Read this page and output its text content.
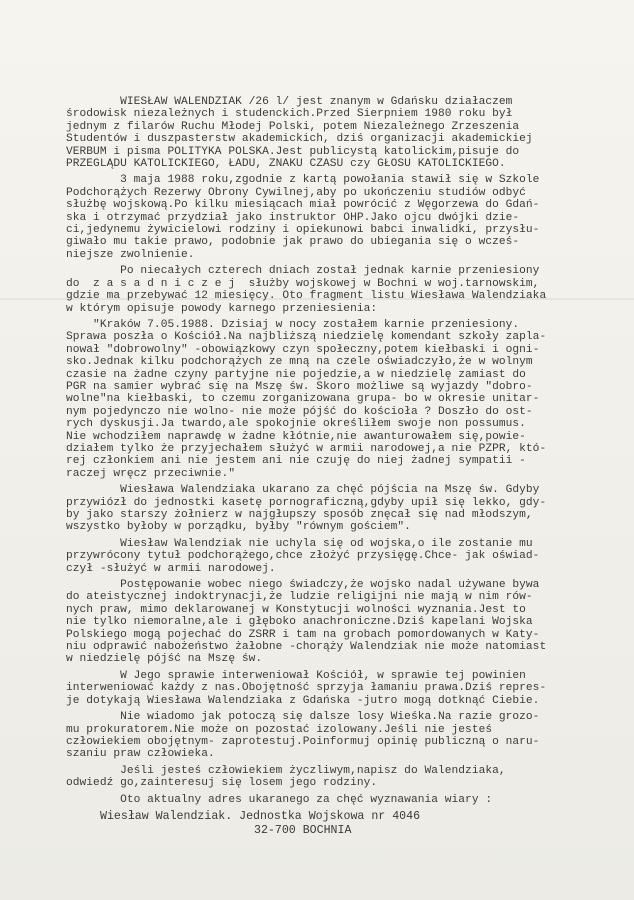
WIESŁAW WALENDZIAK /26 l/ jest znanym w Gdańsku działaczem
środowisk niezależnych i studenckich.Przed Sierpniem 1980 roku był
jednym z filarów Ruchu Młodej Polski, potem Niezależnego Zrzeszenia
Studentów i duszpasterstw akademickich, dziś organizacji akademickiej
VERBUM i pisma POLITYKA POLSKA.Jest publicystą katolickim,pisuje do
PRZEGLĄDU KATOLICKIEGO, ŁADU, ZNAKU CZASU czy GŁOSU KATOLICKIEGO.
3 maja 1988 roku,zgodnie z kartą powołania stawił się w Szkole
Podchorążych Rezerwy Obrony Cywilnej,aby po ukończeniu studiów odbyć
służbę wojskową.Po kilku miesiącach miał powrócić z Węgorzewa do Gdań-
ska i otrzymać przydział jako instruktor OHP.Jako ojcu dwójki dzie-
ci,jedynemu żywicielowi rodziny i opiekunowi babci inwalidki, przysłu-
giwało mu takie prawo, podobnie jak prawo do ubiegania się o wcześ-
niejsze zwolnienie.
Po niecałych czterech dniach został jednak karnie przeniesiony
do  z a s a d n i c z e j  służby wojskowej w Bochni w woj.tarnowskim,
gdzie ma przebywać 12 miesięcy. Oto fragment listu Wiesława Walendziaka
w którym opisuje powody karnego przeniesienia:
"Kraków 7.05.1988. Dzisiaj w nocy zostałem karnie przeniesiony.
Sprawa poszła o Kościół.Na najbliższą niedzielę komendant szkoły zapla-
nował "dobrowolny" -obowiązkowy czyn społeczny,potem kiełbaski i ogni-
sko.Jednak kilku podchorążych ze mną na czele oświadczyło,że w wolnym
czasie na żadne czyny partyjne nie pojedzie,a w niedzielę zamiast do
PGR na samier wybrać się na Mszę św. Skoro możliwe są wyjazdy "dobro-
wolne"na kiełbaski, to czemu zorganizowana grupa- bo w okresie unitar-
nym pojedynczo nie wolno- nie może pójść do kościoła ? Doszło do ost-
rych dyskusji.Ja twardo,ale spokojnie określiłem swoje non possumus.
Nie wchodziłem naprawdę w żadne kłótnie,nie awanturowałem się,powie-
działem tylko że przyjechałem służyć w armii narodowej,a nie PZPR, któ-
rej członkiem ani nie jestem ani nie czuję do niej żadnej sympatii -
raczej wręcz przeciwnie."
Wiesława Walendziaka ukarano za chęć pójścia na Mszę św. Gdyby
przywiózł do jednostki kasetę pornograficzną,gdyby upił się lekko, gdy-
by jako starszy żołnierz w najgłupszy sposób znęcał się nad młodszym,
wszystko byłoby w porządku, byłby "równym gościem".
Wiesław Walendziak nie uchyla się od wojska,o ile zostanie mu
przywrócony tytuł podchorążego,chce złożyć przysięgę.Chce- jak oświad-
czył -służyć w armii narodowej.
Postępowanie wobec niego świadczy,że wojsko nadal używane bywa
do ateistycznej indoktrynacji,że ludzie religijni nie mają w nim rów-
nych praw, mimo deklarowanej w Konstytucji wolności wyznania.Jest to
nie tylko niemoralne,ale i głęboko anachroniczne.Dziś kapelani Wojska
Polskiego mogą pojechać do ZSRR i tam na grobach pomordowanych w Katy-
niu odprawić nabożeństwo żałobne -chorąży Walendziak nie może natomiast
w niedzielę pójść na Mszę św.
W Jego sprawie interweniował Kościół, w sprawie tej powinien
interweniować każdy z nas.Obojętność sprzyja łamaniu prawa.Dziś repres-
je dotykają Wiesława Walendziaka z Gdańska -jutro mogą dotknąć Ciebie.
Nie wiadomo jak potoczą się dalsze losy Wieśka.Na razie grozo-
mu prokuratorem.Nie może on pozostać izolowany.Jeśli nie jesteś
człowiekiem obojętnym- zaprotestuj.Poinformuj opinię publiczną o naru-
szaniu praw człowieka.
Jeśli jesteś człowiekiem życzliwym,napisz do Walendziaka,
odwiedź go,zainteresuj się losem jego rodziny.
Oto aktualny adres ukaranego za chęć wyznawania wiary :
Wiesław Walendziak. Jednostka Wojskowa nr 4046
32-700 BOCHNIA
